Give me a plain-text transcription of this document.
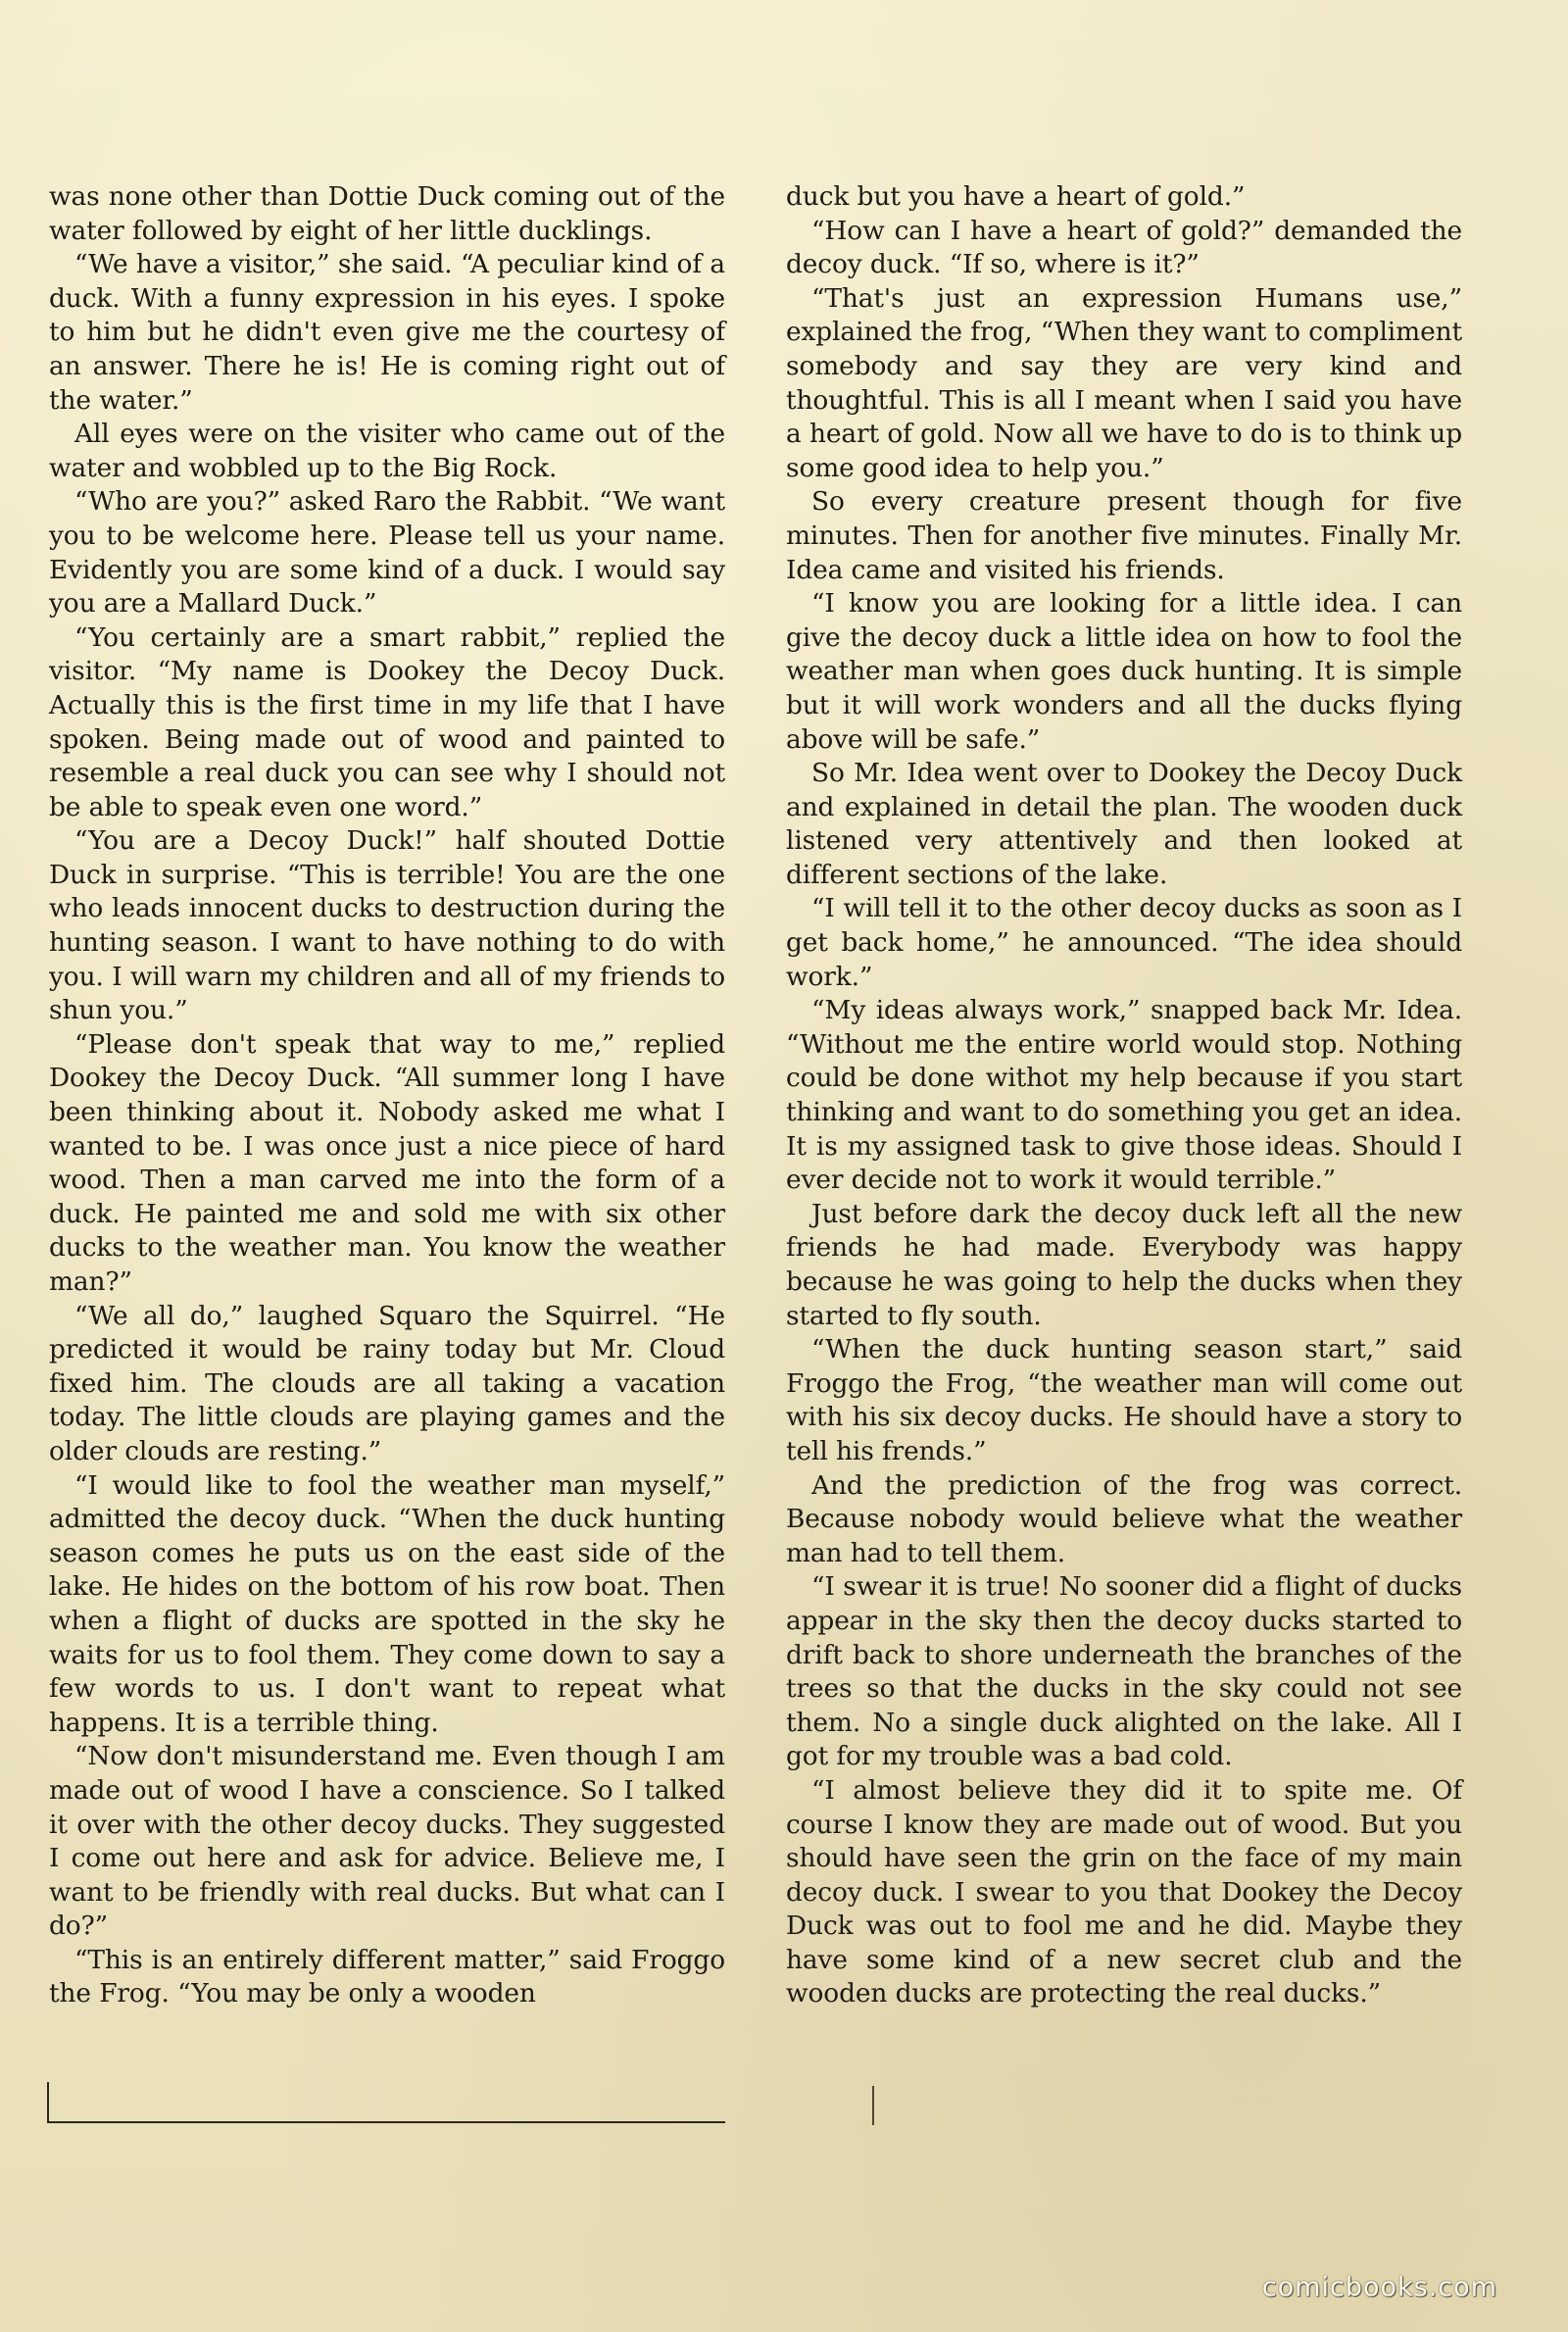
was none other than Dottie Duck coming out of the water followed by eight of her little ducklings.

“We have a visitor,” she said. “A peculiar kind of a duck. With a funny expression in his eyes. I spoke to him but he didn't even give me the courtesy of an answer. There he is! He is coming right out of the water.”

All eyes were on the visiter who came out of the water and wobbled up to the Big Rock.

“Who are you?” asked Raro the Rabbit. “We want you to be welcome here. Please tell us your name. Evidently you are some kind of a duck. I would say you are a Mallard Duck.”

“You certainly are a smart rabbit,” replied the visitor. “My name is Dookey the Decoy Duck. Actually this is the first time in my life that I have spoken. Being made out of wood and painted to resemble a real duck you can see why I should not be able to speak even one word.”

“You are a Decoy Duck!” half shouted Dottie Duck in surprise. “This is terrible! You are the one who leads innocent ducks to destruction during the hunting season. I want to have nothing to do with you. I will warn my children and all of my friends to shun you.”

“Please don't speak that way to me,” replied Dookey the Decoy Duck. “All summer long I have been thinking about it. Nobody asked me what I wanted to be. I was once just a nice piece of hard wood. Then a man carved me into the form of a duck. He painted me and sold me with six other ducks to the weather man. You know the weather man?”

“We all do,” laughed Squaro the Squirrel. “He predicted it would be rainy today but Mr. Cloud fixed him. The clouds are all taking a vacation today. The little clouds are playing games and the older clouds are resting.”

“I would like to fool the weather man myself,” admitted the decoy duck. “When the duck hunting season comes he puts us on the east side of the lake. He hides on the bottom of his row boat. Then when a flight of ducks are spotted in the sky he waits for us to fool them. They come down to say a few words to us. I don't want to repeat what happens. It is a terrible thing.

“Now don't misunderstand me. Even though I am made out of wood I have a conscience. So I talked it over with the other decoy ducks. They suggested I come out here and ask for advice. Believe me, I want to be friendly with real ducks. But what can I do?”

“This is an entirely different matter,” said Froggo the Frog. “You may be only a wooden

duck but you have a heart of gold.”

“How can I have a heart of gold?” demanded the decoy duck. “If so, where is it?”

“That's just an expression Humans use,” explained the frog, “When they want to compliment somebody and say they are very kind and thoughtful. This is all I meant when I said you have a heart of gold. Now all we have to do is to think up some good idea to help you.”

So every creature present though for five minutes. Then for another five minutes. Finally Mr. Idea came and visited his friends.

“I know you are looking for a little idea. I can give the decoy duck a little idea on how to fool the weather man when goes duck hunting. It is simple but it will work wonders and all the ducks flying above will be safe.”

So Mr. Idea went over to Dookey the Decoy Duck and explained in detail the plan. The wooden duck listened very attentively and then looked at different sections of the lake.

“I will tell it to the other decoy ducks as soon as I get back home,” he announced. “The idea should work.”

“My ideas always work,” snapped back Mr. Idea. “Without me the entire world would stop. Nothing could be done withot my help because if you start thinking and want to do something you get an idea. It is my assigned task to give those ideas. Should I ever decide not to work it would terrible.”

Just before dark the decoy duck left all the new friends he had made. Everybody was happy because he was going to help the ducks when they started to fly south.

“When the duck hunting season start,” said Froggo the Frog, “the weather man will come out with his six decoy ducks. He should have a story to tell his frends.”

And the prediction of the frog was correct. Because nobody would believe what the weather man had to tell them.

“I swear it is true! No sooner did a flight of ducks appear in the sky then the decoy ducks started to drift back to shore underneath the branches of the trees so that the ducks in the sky could not see them. No a single duck alighted on the lake. All I got for my trouble was a bad cold.

“I almost believe they did it to spite me. Of course I know they are made out of wood. But you should have seen the grin on the face of my main decoy duck. I swear to you that Dookey the Decoy Duck was out to fool me and he did. Maybe they have some kind of a new secret club and the wooden ducks are protecting the real ducks.”

comicbooks.com
